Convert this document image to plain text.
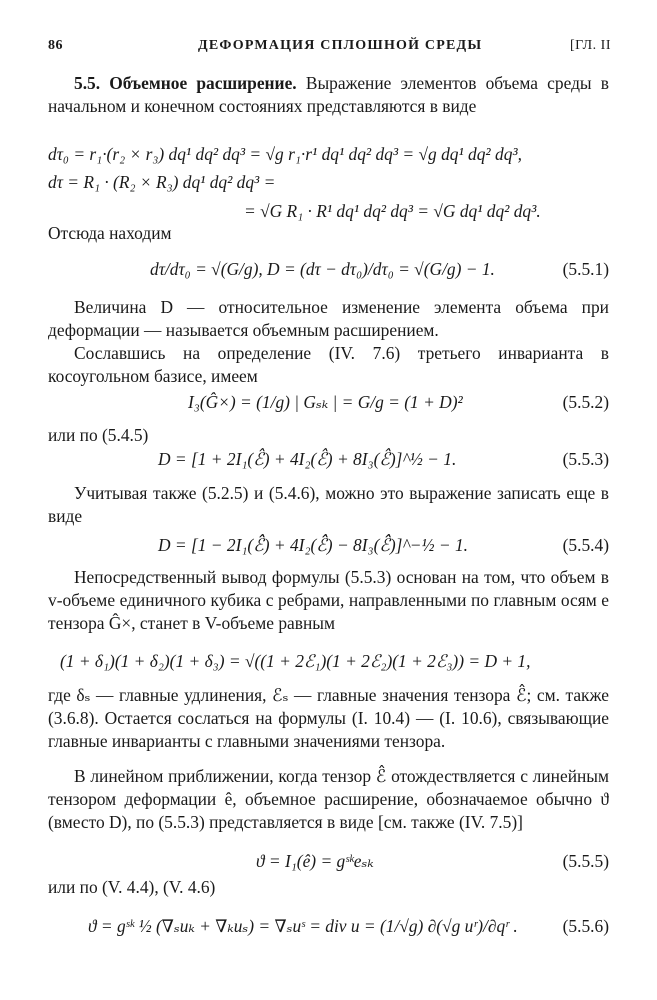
86	ДЕФОРМАЦИЯ СПЛОШНОЙ СРЕДЫ	[ГЛ. II

5.5. Объемное расширение. Выражение элементов объема среды в начальном и конечном состояниях представляются в виде

dτ₀ = r₁·(r₂ × r₃) dq¹ dq² dq³ = √g r₁·r¹ dq¹ dq² dq³ = √g dq¹ dq² dq³,
dτ = R₁ · (R₂ × R₃) dq¹ dq² dq³ =
= √G R₁ · R¹ dq¹ dq² dq³ = √G dq¹ dq² dq³.
Отсюда находим
dτ/dτ₀ = √(G/g), D = (dτ − dτ₀)/dτ₀ = √(G/g) − 1.	(5.5.1)

Величина D — относительное изменение элемента объема при деформации — называется объемным расширением.

Сославшись на определение (IV. 7.6) третьего инварианта в косоугольном базисе, имеем

I₃(Ĝ×) = (1/g) | Gₛₖ | = G/g = (1 + D)²	(5.5.2)
или по (5.4.5)
D = [1 + 2I₁(ℰ̂) + 4I₂(ℰ̂) + 8I₃(ℰ̂)]^½ − 1.	(5.5.3)

Учитывая также (5.2.5) и (5.4.6), можно это выражение записать еще в виде

D = [1 − 2I₁(ℰ̂̂) + 4I₂(ℰ̂̂) − 8I₃(ℰ̂̂)]^−½ − 1.	(5.5.4)

Непосредственный вывод формулы (5.5.3) основан на том, что объем в v-объеме единичного кубика с ребрами, направленными по главным осям e тензора Ĝ×, станет в V-объеме равным

(1 + δ₁)(1 + δ₂)(1 + δ₃) = √((1 + 2ℰ₁)(1 + 2ℰ₂)(1 + 2ℰ₃)) = D + 1,

где δₛ — главные удлинения, ℰₛ — главные значения тензора ℰ̂; см. также (3.6.8). Остается сослаться на формулы (I. 10.4) — (I. 10.6), связывающие главные инварианты с главными значениями тензора.

В линейном приближении, когда тензор ℰ̂ отождествляется с линейным тензором деформации ê, объемное расширение, обозначаемое обычно ϑ (вместо D), по (5.5.3) представляется в виде [см. также (IV. 7.5)]

ϑ = I₁(ê) = gˢᵏeₛₖ	(5.5.5)
или по (V. 4.4), (V. 4.6)
ϑ = gˢᵏ ½ (∇ₛuₖ + ∇ₖuₛ) = ∇ₛuˢ = div u = (1/√g) ∂(√g uʳ)/∂qʳ .	(5.5.6)
